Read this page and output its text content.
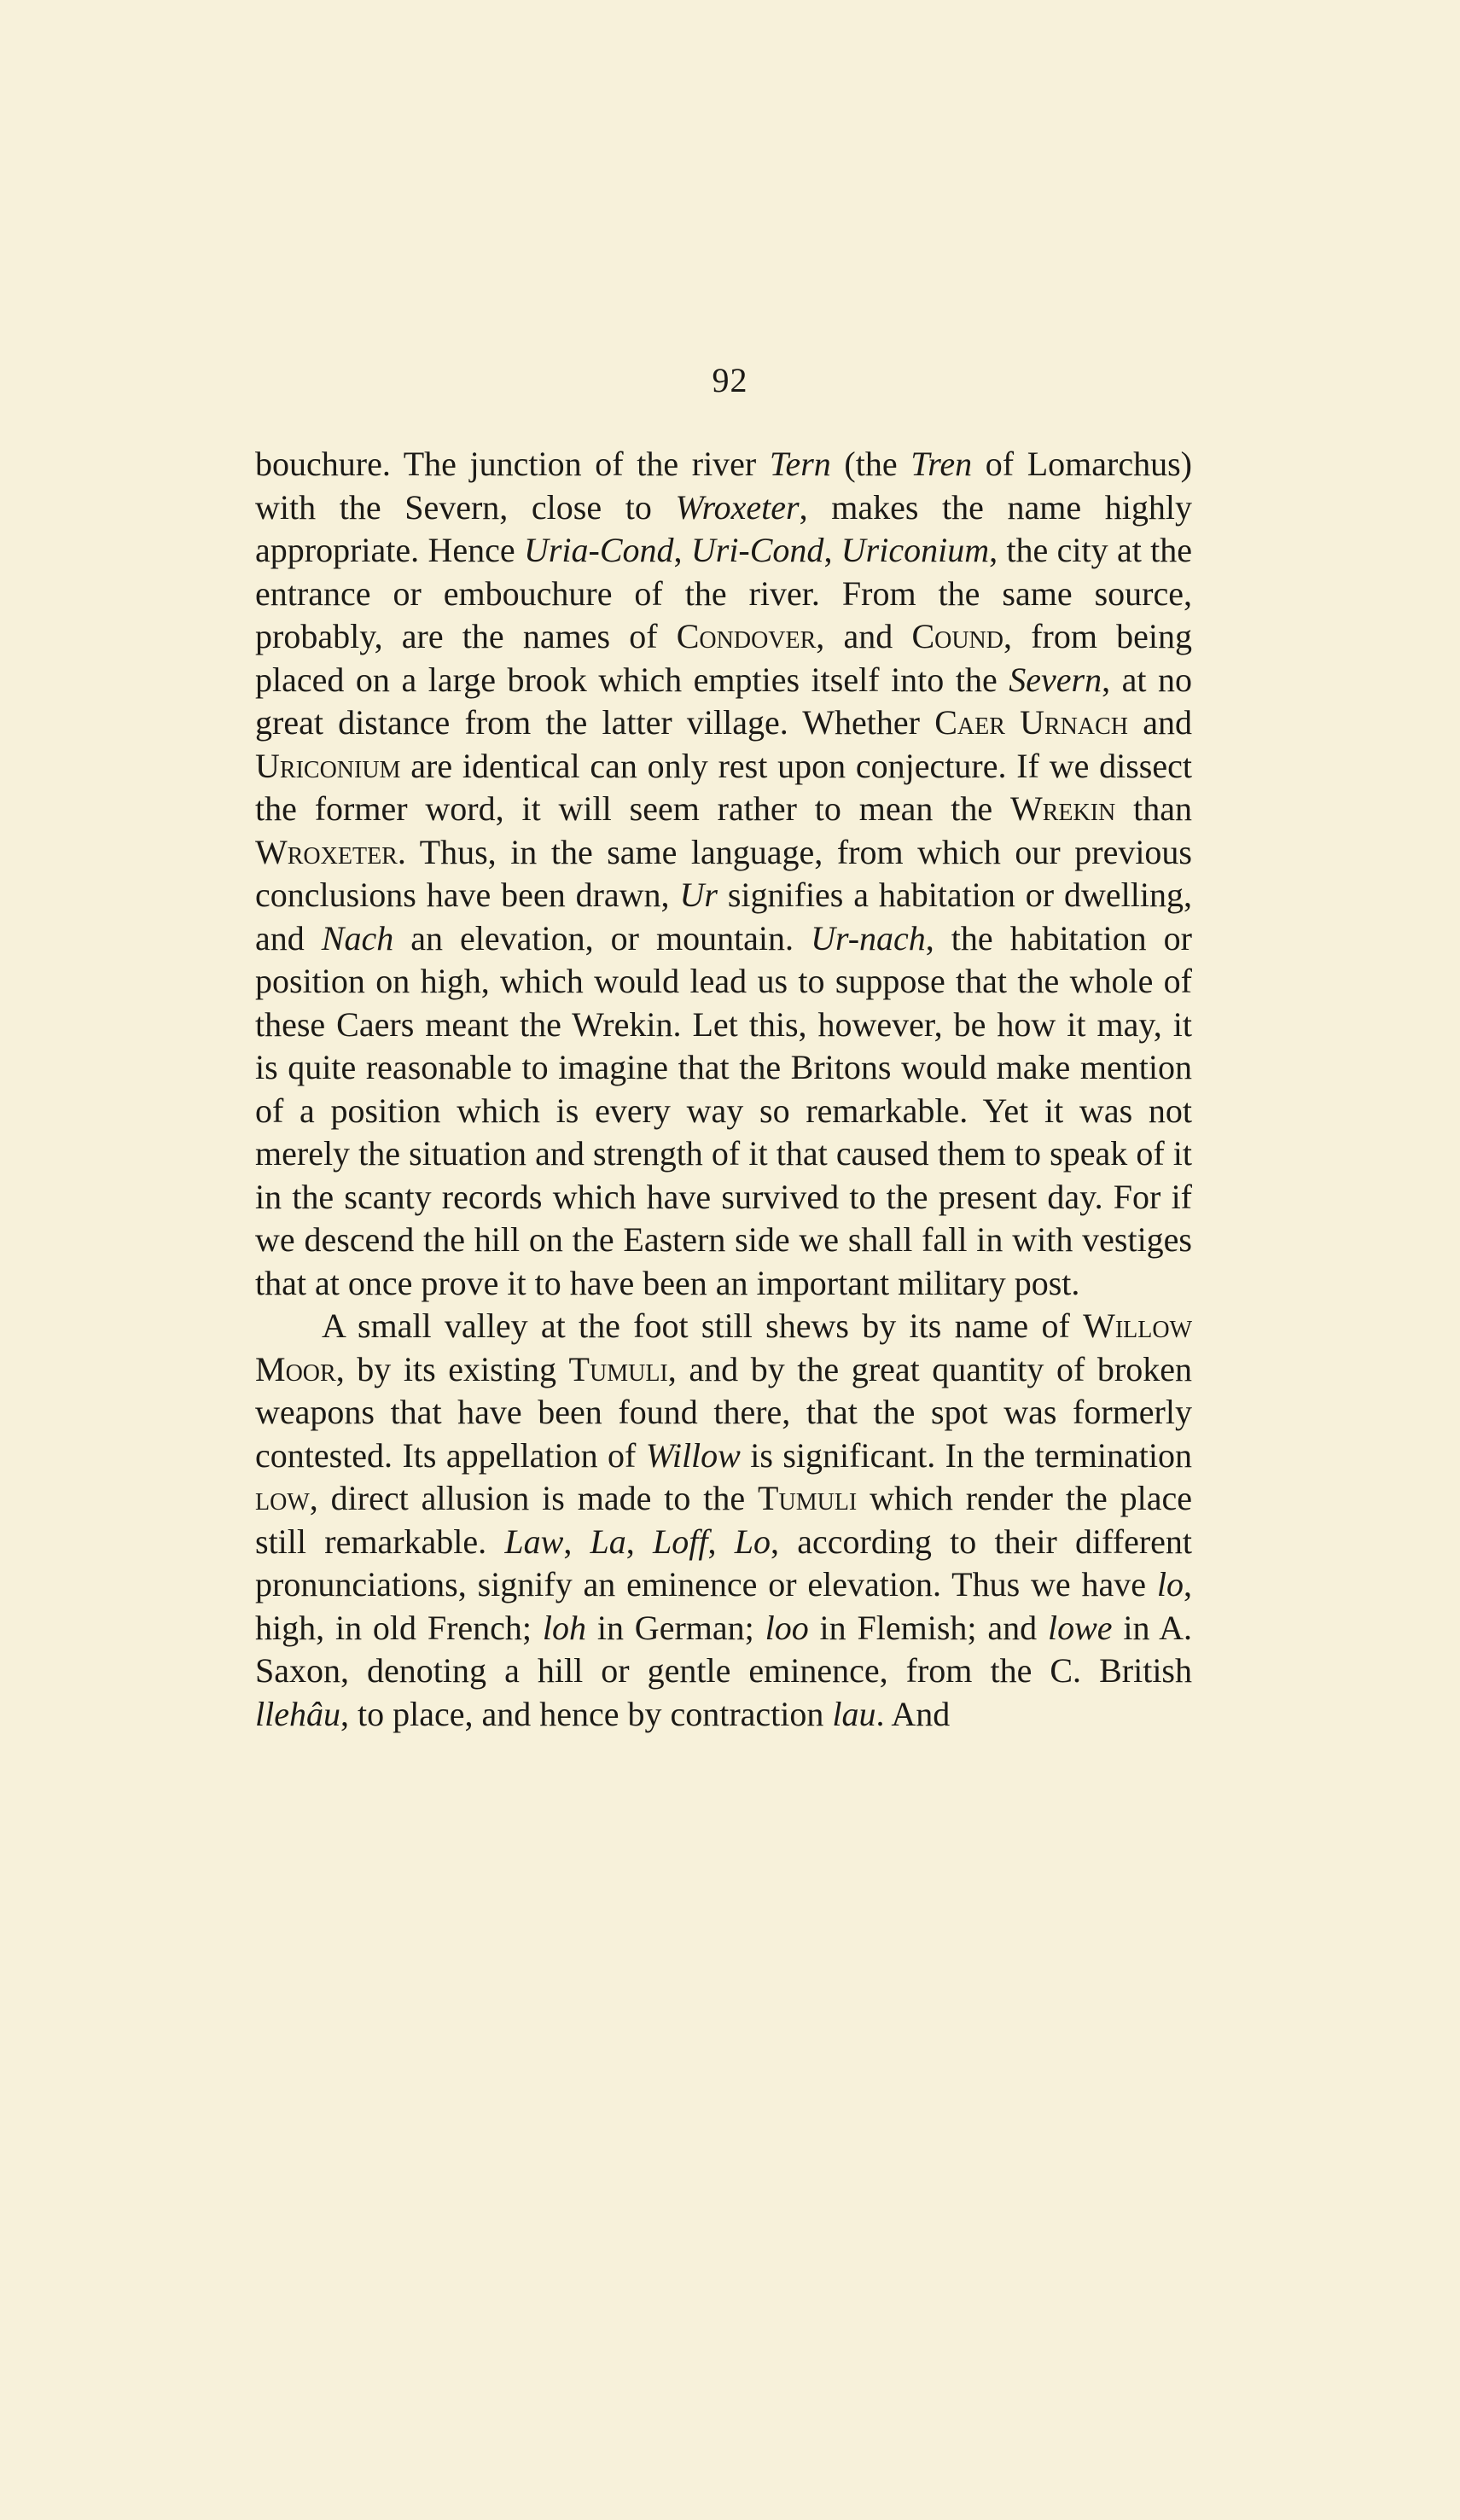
92

bouchure. The junction of the river Tern (the Tren of Lomarchus) with the Severn, close to Wroxeter, makes the name highly appropriate. Hence Uria-Cond, Uri-Cond, Uriconium, the city at the entrance or embouchure of the river. From the same source, probably, are the names of Condover, and Cound, from being placed on a large brook which empties itself into the Severn, at no great distance from the latter village. Whether Caer Urnach and Uriconium are identical can only rest upon conjecture. If we dissect the former word, it will seem rather to mean the Wrekin than Wroxeter. Thus, in the same language, from which our previous conclusions have been drawn, Ur signifies a habitation or dwelling, and Nach an elevation, or mountain. Ur-nach, the habitation or position on high, which would lead us to suppose that the whole of these Caers meant the Wrekin. Let this, however, be how it may, it is quite reasonable to imagine that the Britons would make mention of a position which is every way so remarkable. Yet it was not merely the situation and strength of it that caused them to speak of it in the scanty records which have survived to the present day. For if we descend the hill on the Eastern side we shall fall in with vestiges that at once prove it to have been an important military post.

A small valley at the foot still shews by its name of Willow Moor, by its existing Tumuli, and by the great quantity of broken weapons that have been found there, that the spot was formerly contested. Its appellation of Willow is significant. In the termination low, direct allusion is made to the Tumuli which render the place still remarkable. Law, La, Loff, Lo, according to their different pronunciations, signify an eminence or elevation. Thus we have lo, high, in old French; loh in German; loo in Flemish; and lowe in A. Saxon, denoting a hill or gentle eminence, from the C. British llehâu, to place, and hence by contraction lau. And
